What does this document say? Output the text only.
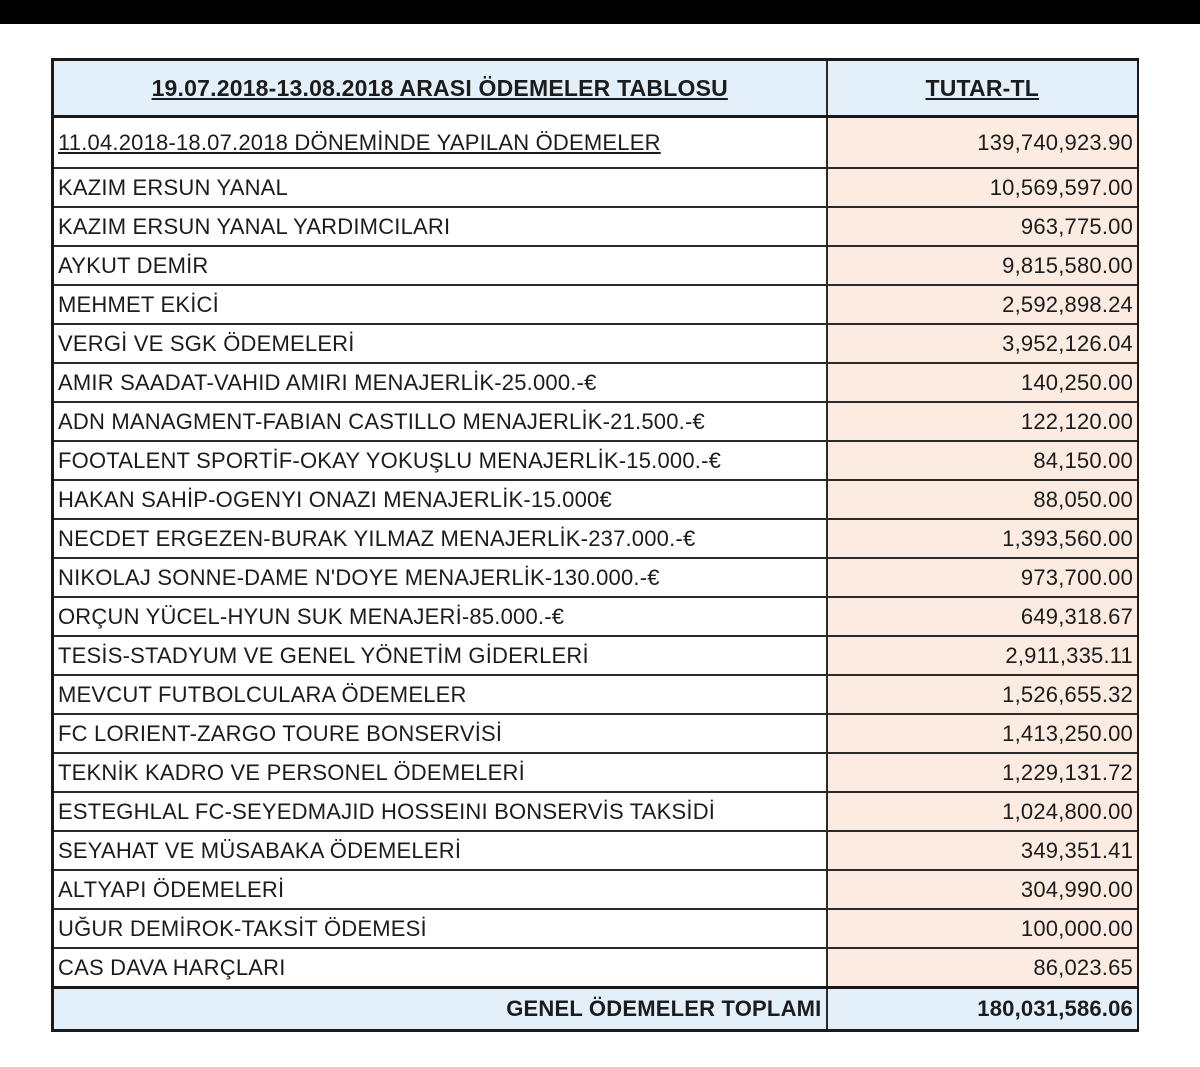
19.07.2018-13.08.2018 ARASI ÖDEMELER TABLOSU	TUTAR-TL
11.04.2018-18.07.2018 DÖNEMİNDE YAPILAN ÖDEMELER	139,740,923.90
KAZIM ERSUN YANAL	10,569,597.00
KAZIM ERSUN YANAL YARDIMCILARI	963,775.00
AYKUT DEMİR	9,815,580.00
MEHMET EKİCİ	2,592,898.24
VERGİ VE SGK ÖDEMELERİ	3,952,126.04
AMIR SAADAT-VAHID AMIRI MENAJERLİK-25.000.-€	140,250.00
ADN MANAGMENT-FABIAN CASTILLO MENAJERLİK-21.500.-€	122,120.00
FOOTALENT SPORTİF-OKAY YOKUŞLU MENAJERLİK-15.000.-€	84,150.00
HAKAN SAHİP-OGENYI ONAZI MENAJERLİK-15.000€	88,050.00
NECDET ERGEZEN-BURAK YILMAZ MENAJERLİK-237.000.-€	1,393,560.00
NIKOLAJ SONNE-DAME N'DOYE MENAJERLİK-130.000.-€	973,700.00
ORÇUN YÜCEL-HYUN SUK MENAJERİ-85.000.-€	649,318.67
TESİS-STADYUM VE GENEL YÖNETİM GİDERLERİ	2,911,335.11
MEVCUT FUTBOLCULARA ÖDEMELER	1,526,655.32
FC LORIENT-ZARGO TOURE BONSERVİSİ	1,413,250.00
TEKNİK KADRO VE PERSONEL ÖDEMELERİ	1,229,131.72
ESTEGHLAL FC-SEYEDMAJID HOSSEINI BONSERVİS TAKSİDİ	1,024,800.00
SEYAHAT VE MÜSABAKA ÖDEMELERİ	349,351.41
ALTYAPI ÖDEMELERİ	304,990.00
UĞUR DEMİROK-TAKSİT ÖDEMESİ	100,000.00
CAS DAVA HARÇLARI	86,023.65
GENEL ÖDEMELER TOPLAMI	180,031,586.06
